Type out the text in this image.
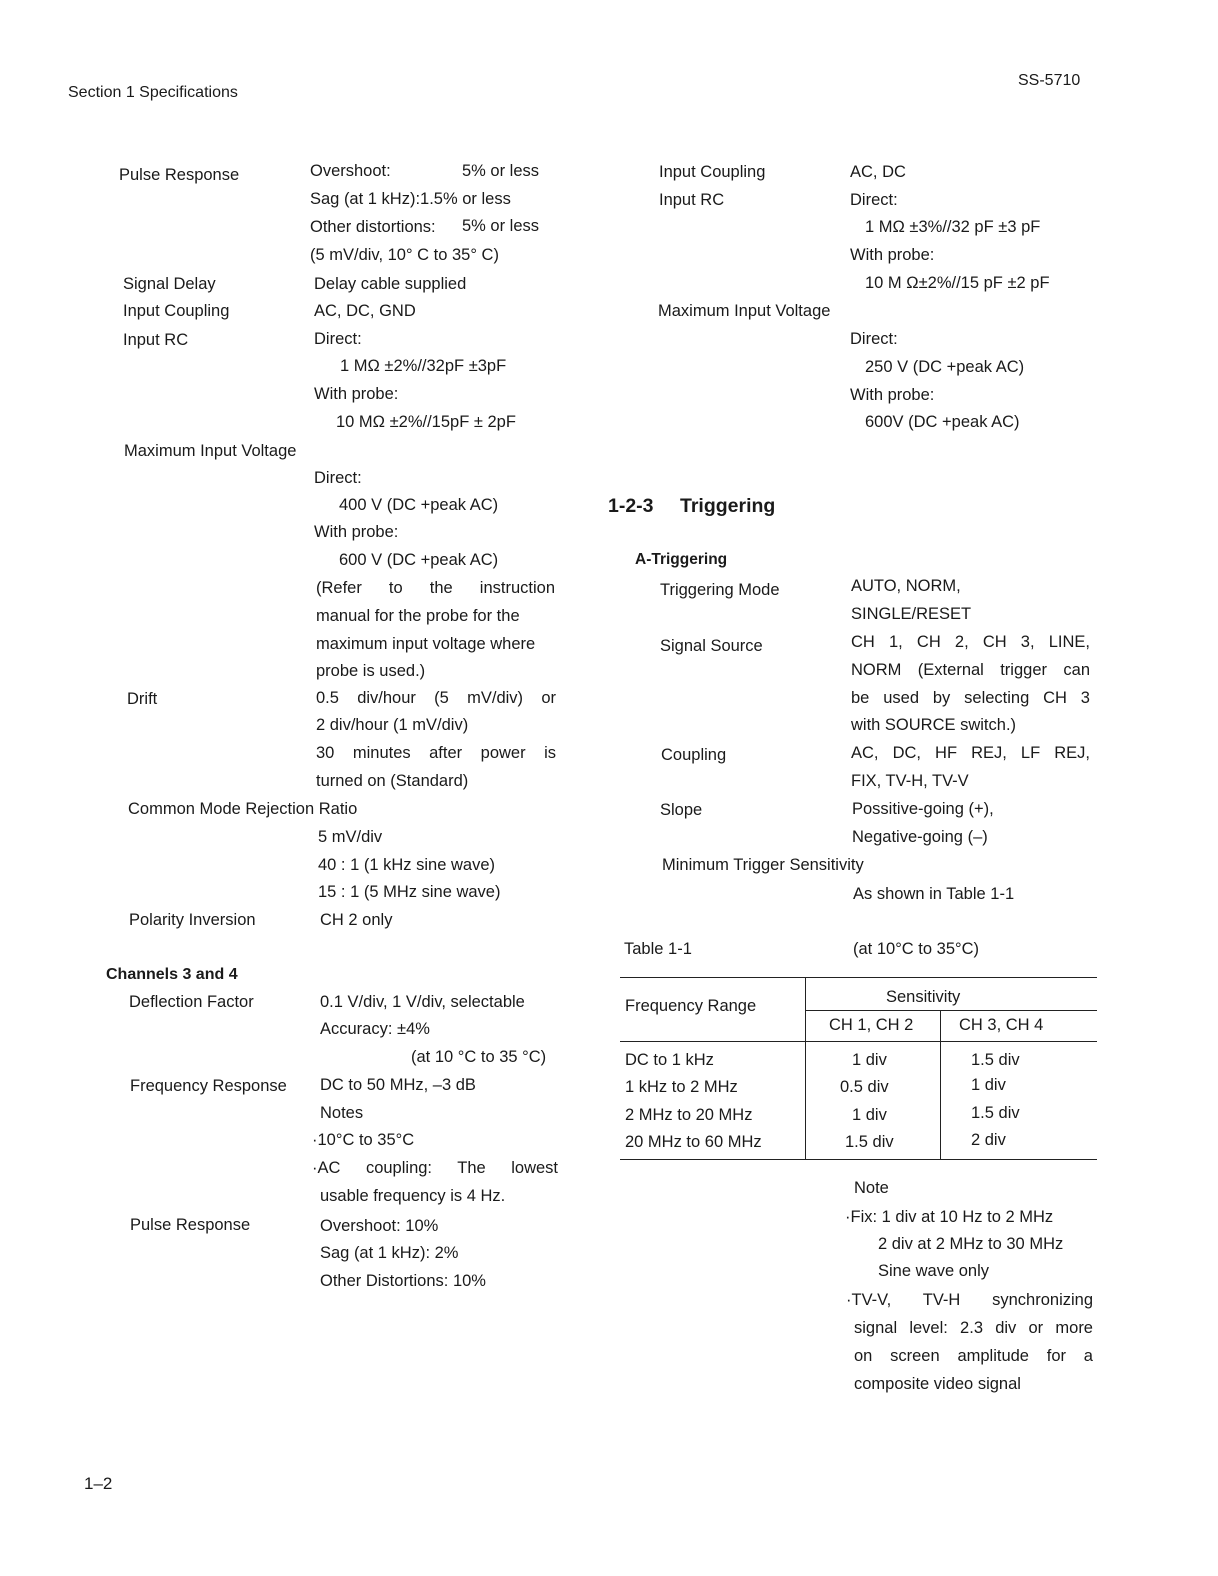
Section 1 Specifications
SS-5710
Pulse Response	Overshoot:	5% or less
Sag (at 1 kHz):1.5% or less
Other distortions: 5% or less
(5 mV/div, 10° C to 35° C)
Signal Delay	Delay cable supplied
Input Coupling	AC, DC, GND
Input RC	Direct:
1 MΩ ±2%//32pF ±3pF
With probe:
10 MΩ ±2%//15pF ± 2pF
Maximum Input Voltage
Direct:
400 V (DC +peak AC)
With probe:
600 V (DC +peak AC)
(Refer to the instruction
manual for the probe for the
maximum input voltage where
probe is used.)
Drift	0.5 div/hour (5 mV/div) or
2 div/hour (1 mV/div)
30 minutes after power is
turned on (Standard)
Common Mode Rejection Ratio
5 mV/div
40 : 1 (1 kHz sine wave)
15 : 1 (5 MHz sine wave)
Polarity Inversion	CH 2 only
Channels 3 and 4
Deflection Factor	0.1 V/div, 1 V/div, selectable
Accuracy: ±4%
(at 10 °C to 35 °C)
Frequency Response DC to 50 MHz, –3 dB
Notes
·10°C to 35°C
·AC coupling: The lowest
usable frequency is 4 Hz.
Pulse Response	Overshoot: 10%
Sag (at 1 kHz): 2%
Other Distortions: 10%
Input Coupling	AC, DC
Input RC	Direct:
1 MΩ ±3%//32 pF ±3 pF
With probe:
10 M Ω±2%//15 pF ±2 pF
Maximum Input Voltage
Direct:
250 V (DC +peak AC)
With probe:
600V (DC +peak AC)
1-2-3 Triggering
A-Triggering
Triggering Mode	AUTO, NORM,
SINGLE/RESET
Signal Source	CH 1, CH 2, CH 3, LINE,
NORM (External trigger can
be used by selecting CH 3
with SOURCE switch.)
Coupling	AC, DC, HF REJ, LF REJ,
FIX, TV-H, TV-V
Slope	Possitive-going (+),
Negative-going (–)
Minimum Trigger Sensitivity
As shown in Table 1-1
Table 1-1	(at 10°C to 35°C)
Frequency Range	Sensitivity
CH 1, CH 2	CH 3, CH 4
DC to 1 kHz	1 div	1.5 div
1 kHz to 2 MHz	0.5 div	1 div
2 MHz to 20 MHz	1 div	1.5 div
20 MHz to 60 MHz	1.5 div	2 div
Note
·Fix: 1 div at 10 Hz to 2 MHz
2 div at 2 MHz to 30 MHz
Sine wave only
·TV-V, TV-H synchronizing
signal level: 2.3 div or more
on screen amplitude for a
composite video signal
1–2
